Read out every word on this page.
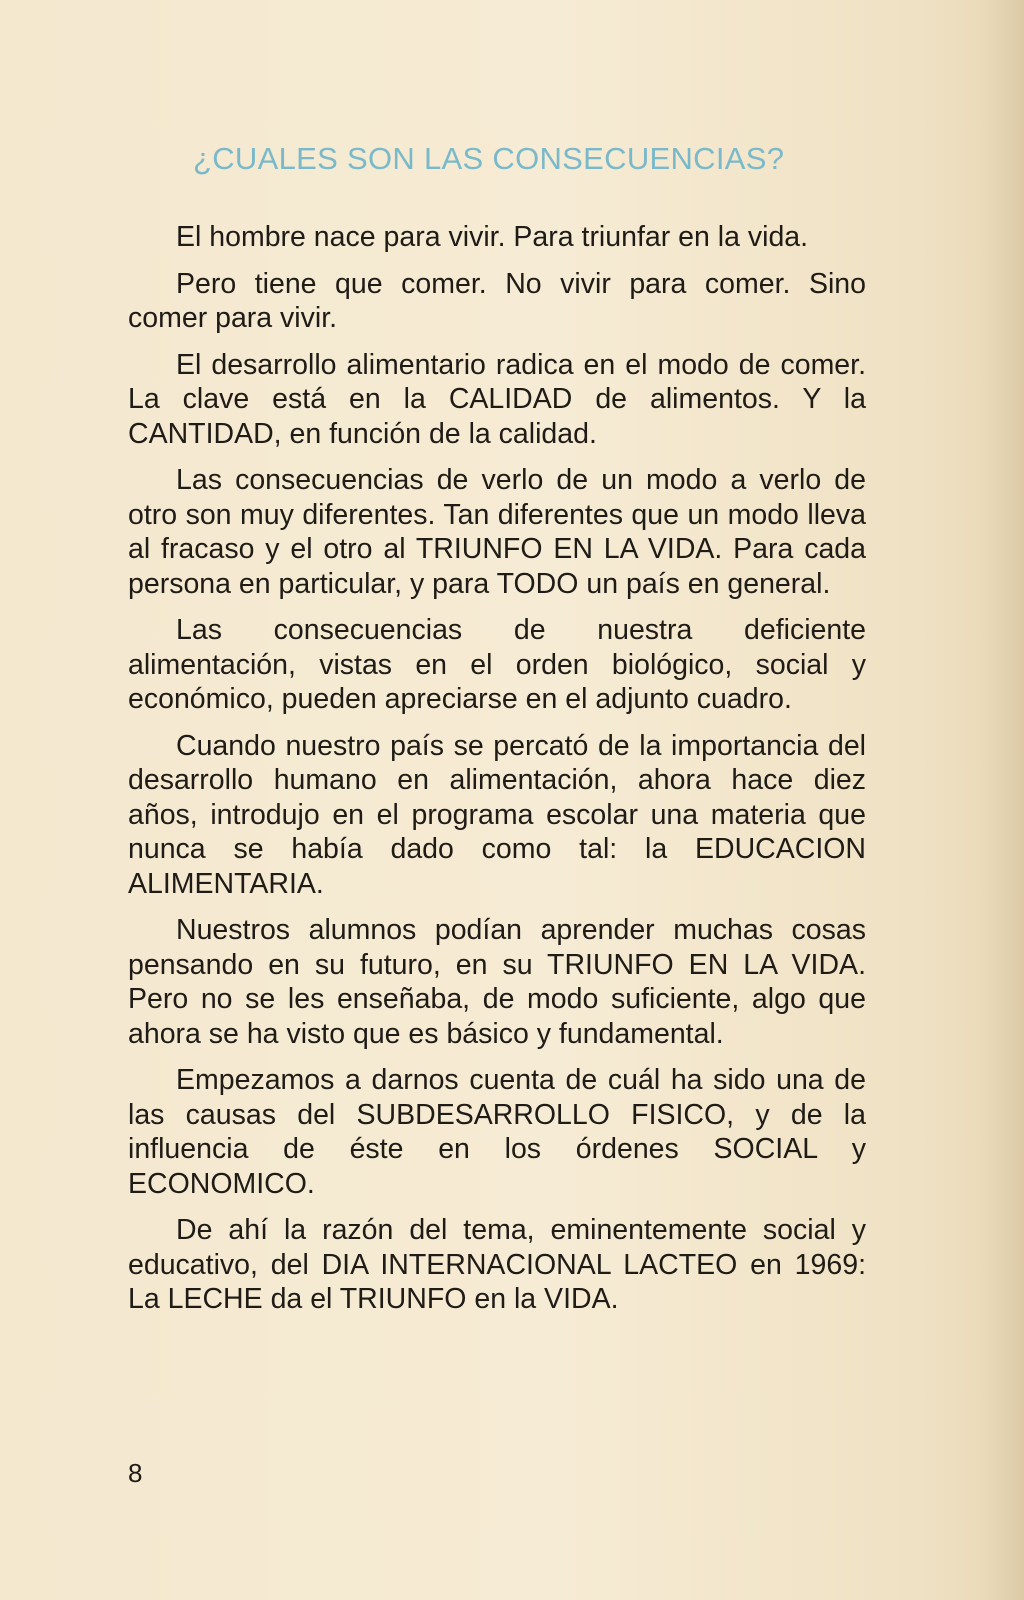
¿CUALES SON LAS CONSECUENCIAS?

El hombre nace para vivir. Para triunfar en la vida.

Pero tiene que comer. No vivir para comer. Sino comer para vivir.

El desarrollo alimentario radica en el modo de comer. La clave está en la CALIDAD de alimentos. Y la CANTIDAD, en función de la calidad.

Las consecuencias de verlo de un modo a verlo de otro son muy diferentes. Tan diferentes que un modo lleva al fracaso y el otro al TRIUNFO EN LA VIDA. Para cada persona en particular, y para TODO un país en general.

Las consecuencias de nuestra deficiente alimentación, vistas en el orden biológico, social y económico, pueden apreciarse en el adjunto cuadro.

Cuando nuestro país se percató de la importancia del desarrollo humano en alimentación, ahora hace diez años, introdujo en el programa escolar una materia que nunca se había dado como tal: la EDUCACION ALIMENTARIA.

Nuestros alumnos podían aprender muchas cosas pensando en su futuro, en su TRIUNFO EN LA VIDA. Pero no se les enseñaba, de modo suficiente, algo que ahora se ha visto que es básico y fundamental.

Empezamos a darnos cuenta de cuál ha sido una de las causas del SUBDESARROLLO FISICO, y de la influencia de éste en los órdenes SOCIAL y ECONOMICO.

De ahí la razón del tema, eminentemente social y educativo, del DIA INTERNACIONAL LACTEO en 1969: La LECHE da el TRIUNFO en la VIDA.

8
